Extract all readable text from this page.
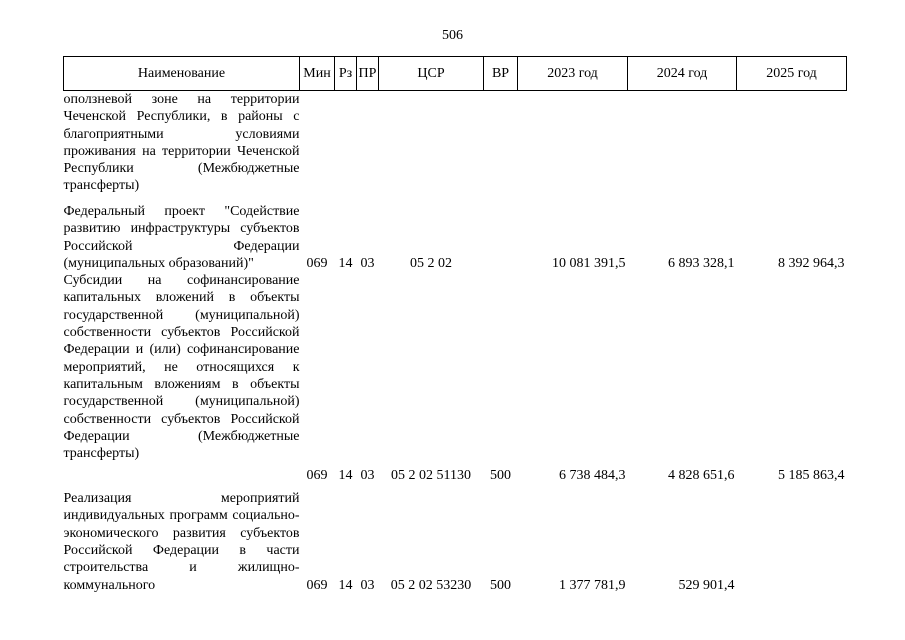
506
Наименование	Мин	Рз	ПР	ЦСР	ВР	2023 год	2024 год	2025 год
оползневой зоне на территории Чеченской Республики, в районы с благоприятными условиями проживания на территории Чеченской Республики (Межбюджетные трансферты)								
Федеральный проект "Содействие развитию инфраструктуры субъектов Российской Федерации (муниципальных образований)"	069	14	03	05 2 02		10 081 391,5	6 893 328,1	8 392 964,3
Субсидии на софинансирование капитальных вложений в объекты государственной (муниципальной) собственности субъектов Российской Федерации и (или) софинансирование мероприятий, не относящихся к капитальным вложениям в объекты государственной (муниципальной) собственности субъектов Российской Федерации (Межбюджетные трансферты)	069	14	03	05 2 02 51130	500	6 738 484,3	4 828 651,6	5 185 863,4
Реализация мероприятий индивидуальных программ социально-экономического развития субъектов Российской Федерации в части строительства и жилищно-коммунального	069	14	03	05 2 02 53230	500	1 377 781,9	529 901,4	
